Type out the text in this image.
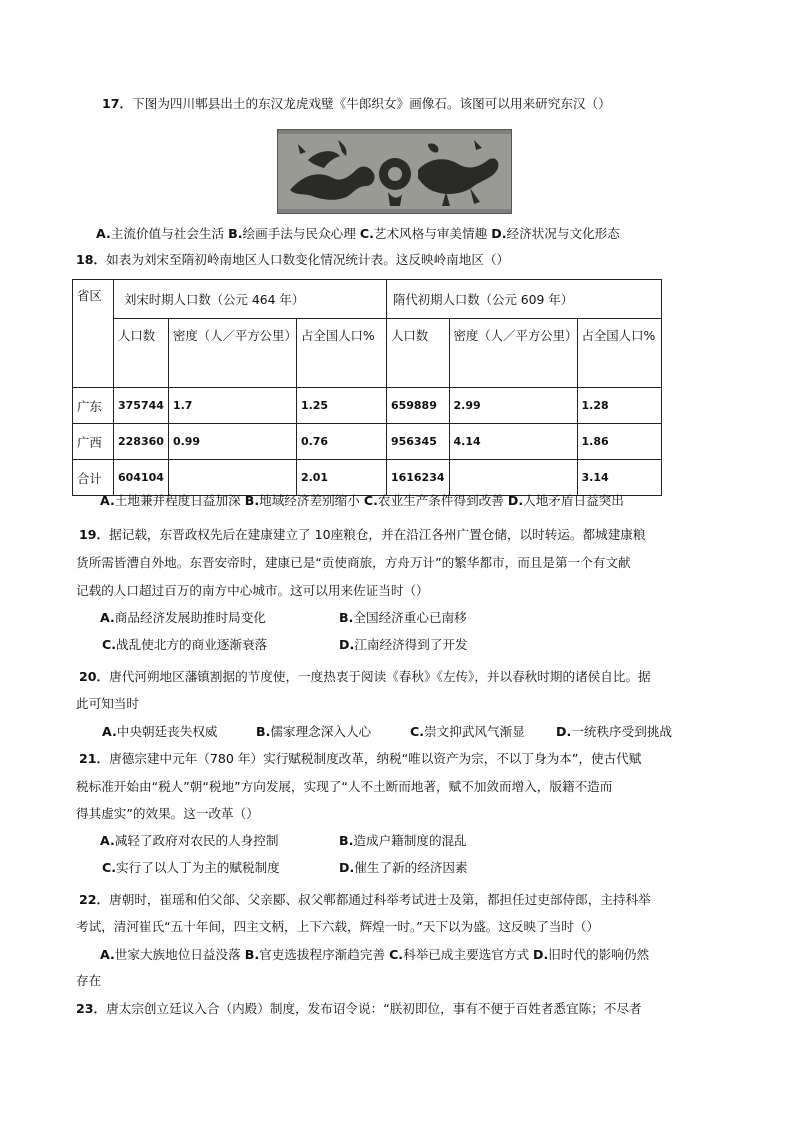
17．下图为四川郫县出土的东汉龙虎戏璧《牛郎织女》画像石。该图可以用来研究东汉（）
A.主流价值与社会生活 B.绘画手法与民众心理 C.艺术风格与审美情趣 D.经济状况与文化形态
18．如表为刘宋至隋初岭南地区人口数变化情况统计表。这反映岭南地区（）
省区	刘宋时期人口数（公元 464 年）			隋代初期人口数（公元 609 年）		
	人口数	密度（人／平方公里）	占全国人口%	人口数	密度（人／平方公里）	占全国人口%
广东	375744	1.7	1.25	659889	2.99	1.28
广西	228360	0.99	0.76	956345	4.14	1.86
合计	604104		2.01	1616234		3.14
A.土地兼并程度日益加深 B.地域经济差别缩小 C.农业生产条件得到改善 D.人地矛盾日益突出
19．据记载，东晋政权先后在建康建立了 10座粮仓，并在沿江各州广置仓储，以时转运。都城建康粮
货所需皆漕自外地。东晋安帝时，建康已是“贡使商旅，方舟万计”的繁华都市，而且是第一个有文献
记载的人口超过百万的南方中心城市。这可以用来佐证当时（）
A.商品经济发展助推时局变化	B.全国经济重心已南移
C.战乱使北方的商业逐渐衰落	D.江南经济得到了开发
20．唐代河朔地区藩镇割据的节度使，一度热衷于阅读《春秋》《左传》，并以春秋时期的诸侯自比。据
此可知当时
A.中央朝廷丧失权威	B.儒家理念深入人心	C.崇文抑武风气渐显 D.一统秩序受到挑战
21．唐德宗建中元年（780 年）实行赋税制度改革，纳税“唯以资产为宗，不以丁身为本”，使古代赋
税标准开始由“税人”朝“税地”方向发展，实现了“人不土断而地著，赋不加敛而增入，版籍不造而
得其虚实”的效果。这一改革（）
A.减轻了政府对农民的人身控制	B.造成户籍制度的混乱
C.实行了以人丁为主的赋税制度	D.催生了新的经济因素
22．唐朝时，崔瑶和伯父郃、父亲郾、叔父郸都通过科举考试进士及第，都担任过吏部侍郎，主持科举
考试，清河崔氏“五十年间，四主文柄，上下六载，辉煌一时。”天下以为盛。这反映了当时（）
A.世家大族地位日益没落 B.官吏选拔程序渐趋完善 C.科举已成主要选官方式 D.旧时代的影响仍然
存在
23．唐太宗创立廷议入合（内殿）制度，发布诏令说：“朕初即位，事有不便于百姓者悉宜陈；不尽者
